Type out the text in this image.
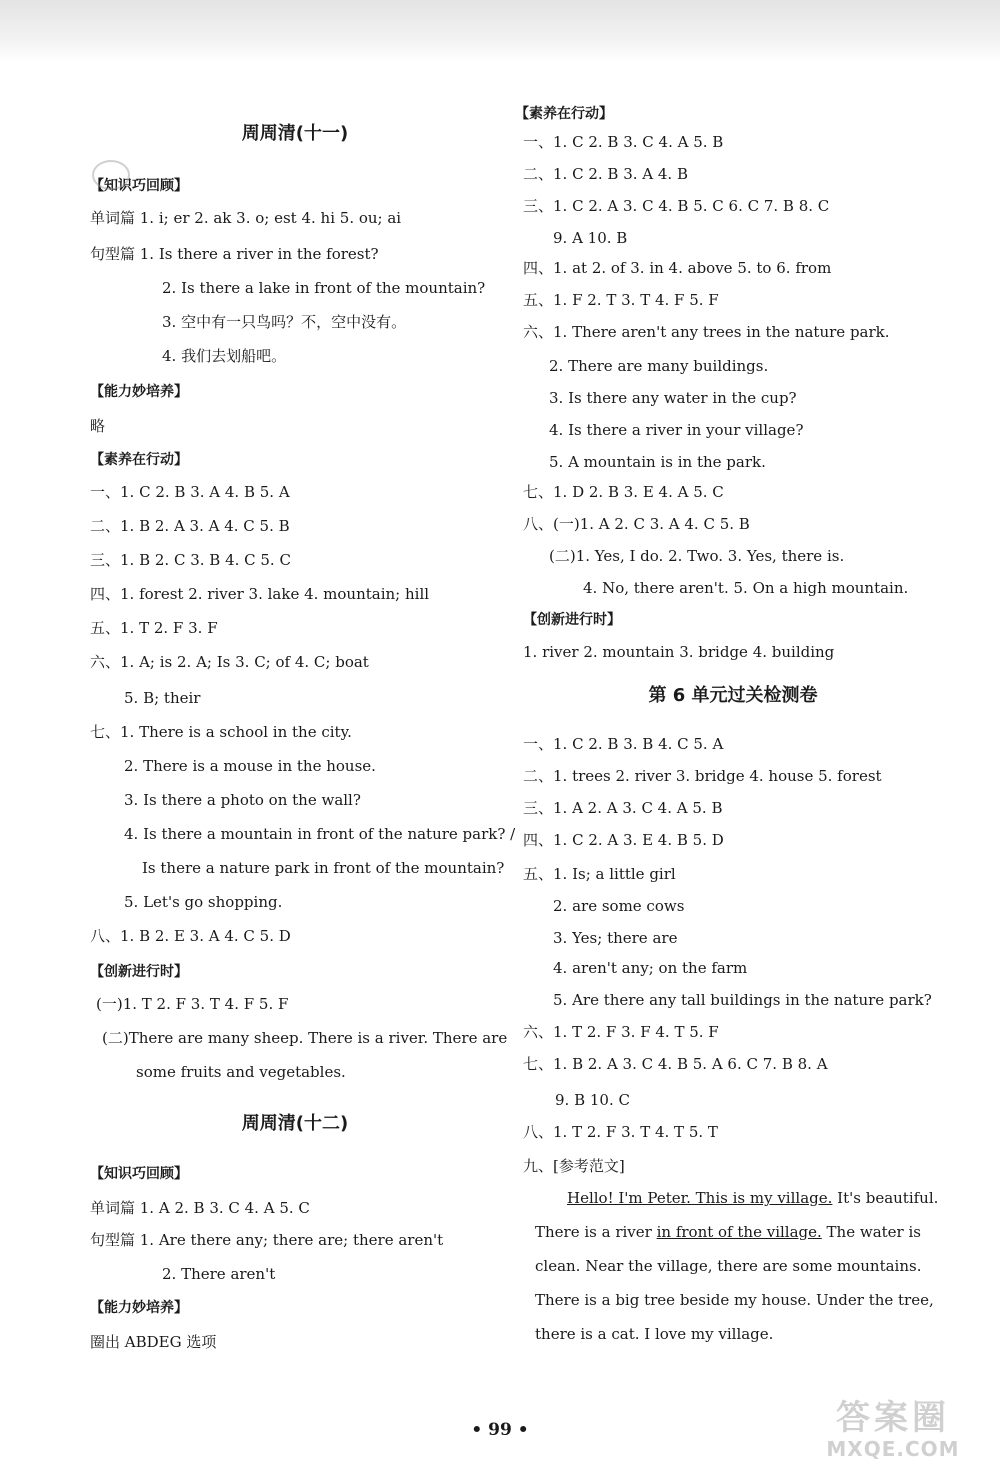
周周清(十一)
【知识巧回顾】
单词篇 1. i; er 2. ak 3. o; est 4. hi 5. ou; ai
句型篇 1. Is there a river in the forest?
2. Is there a lake in front of the mountain?
3. 空中有一只鸟吗？不，空中没有。
4. 我们去划船吧。
【能力妙培养】
略
【素养在行动】
一、1. C 2. B 3. A 4. B 5. A
二、1. B 2. A 3. A 4. C 5. B
三、1. B 2. C 3. B 4. C 5. C
四、1. forest 2. river 3. lake 4. mountain; hill
五、1. T 2. F 3. F
六、1. A; is 2. A; Is 3. C; of 4. C; boat
5. B; their
七、1. There is a school in the city.
2. There is a mouse in the house.
3. Is there a photo on the wall?
4. Is there a mountain in front of the nature park? /
Is there a nature park in front of the mountain?
5. Let's go shopping.
八、1. B 2. E 3. A 4. C 5. D
【创新进行时】
(一)1. T 2. F 3. T 4. F 5. F
(二)There are many sheep. There is a river. There are
some fruits and vegetables.
周周清(十二)
【知识巧回顾】
单词篇 1. A 2. B 3. C 4. A 5. C
句型篇 1. Are there any; there are; there aren't
2. There aren't
【能力妙培养】
圈出 ABDEG 选项
【素养在行动】
一、1. C 2. B 3. C 4. A 5. B
二、1. C 2. B 3. A 4. B
三、1. C 2. A 3. C 4. B 5. C 6. C 7. B 8. C
9. A 10. B
四、1. at 2. of 3. in 4. above 5. to 6. from
五、1. F 2. T 3. T 4. F 5. F
六、1. There aren't any trees in the nature park.
2. There are many buildings.
3. Is there any water in the cup?
4. Is there a river in your village?
5. A mountain is in the park.
七、1. D 2. B 3. E 4. A 5. C
八、(一)1. A 2. C 3. A 4. C 5. B
(二)1. Yes, I do. 2. Two. 3. Yes, there is.
4. No, there aren't. 5. On a high mountain.
【创新进行时】
1. river 2. mountain 3. bridge 4. building
第 6 单元过关检测卷
一、1. C 2. B 3. B 4. C 5. A
二、1. trees 2. river 3. bridge 4. house 5. forest
三、1. A 2. A 3. C 4. A 5. B
四、1. C 2. A 3. E 4. B 5. D
五、1. Is; a little girl
2. are some cows
3. Yes; there are
4. aren't any; on the farm
5. Are there any tall buildings in the nature park?
六、1. T 2. F 3. F 4. T 5. F
七、1. B 2. A 3. C 4. B 5. A 6. C 7. B 8. A
9. B 10. C
八、1. T 2. F 3. T 4. T 5. T
九、[参考范文]
Hello! I'm Peter. This is my village. It's beautiful.
There is a river in front of the village. The water is
clean. Near the village, there are some mountains.
There is a big tree beside my house. Under the tree,
there is a cat. I love my village.
• 99 •	答案圈
MXQE.COM
